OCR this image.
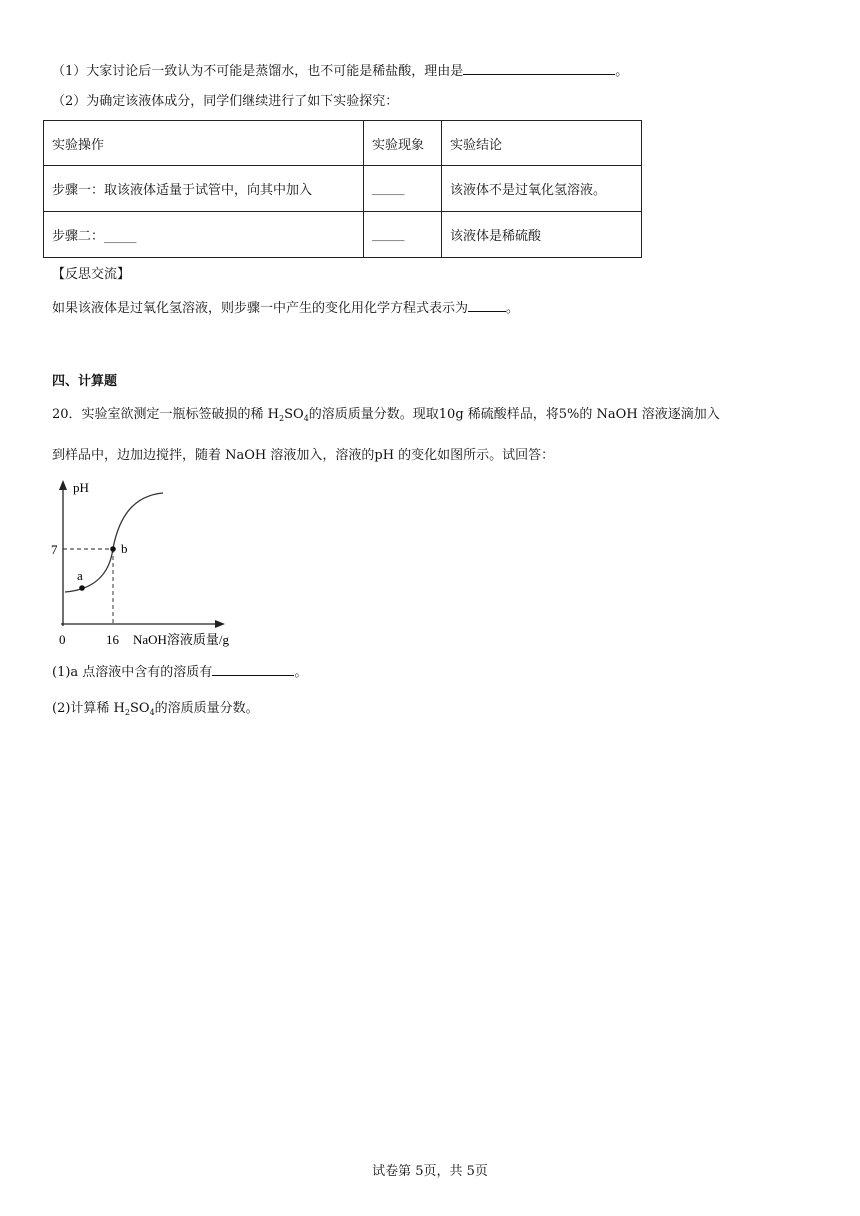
（1）大家讨论后一致认为不可能是蒸馏水，也不可能是稀盐酸，理由是	。
（2）为确定该液体成分，同学们继续进行了如下实验探究：
实验操作	实验现象	实验结论
步骤一：取该液体适量于试管中，向其中加入	_____	该液体不是过氧化氢溶液。
步骤二：_____	_____	该液体是稀硫酸
【反思交流】
如果该液体是过氧化氢溶液，则步骤一中产生的变化用化学方程式表示为	。
四、计算题
20．实验室欲测定一瓶标签破损的稀 $H_2SO_4$的溶质质量分数。现取10g 稀硫酸样品，将5%的 NaOH 溶液逐滴加入
到样品中，边加边搅拌，随着 NaOH 溶液加入，溶液的pH 的变化如图所示。试回答：
pH
a
b
7
0	16 NaOH溶液质量/g
(1)a 点溶液中含有的溶质有	。
(2)计算稀 $H_2SO_4$的溶质质量分数。
试卷第 5页，共 5页
